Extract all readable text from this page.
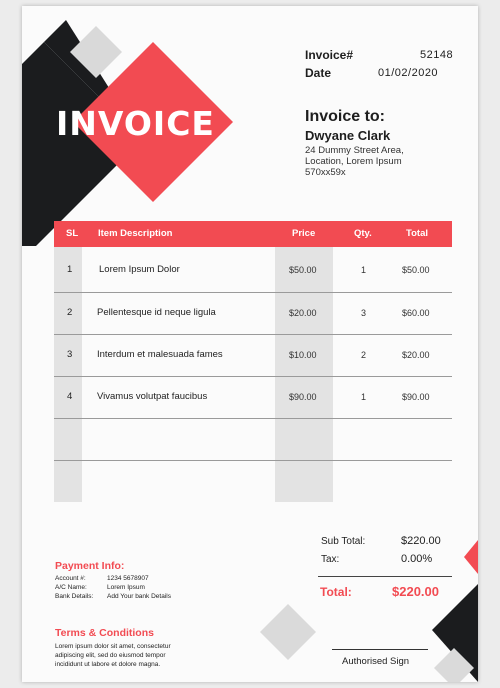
INVOICE
Invoice#	52148
Date	01/02/2020
Invoice to:
Dwyane Clark
24 Dummy Street Area,
Location, Lorem Ipsum
570xx59x
SL Item Description	Price	Qty.	Total
1	Lorem Ipsum Dolor	$50.00	1	$50.00
2	Pellentesque id neque ligula	$20.00	3	$60.00
3	Interdum et malesuada fames	$10.00	2	$20.00
4	Vivamus volutpat faucibus	$90.00	1	$90.00
Sub Total:	$220.00
Tax:	0.00%
Total:	$220.00
Payment Info:
Account #:	1234 5678907
A/C Name:	Lorem Ipsum
Bank Details: Add Your bank Details
Terms & Conditions
Lorem ipsum dolor sit amet, consectetur
adipiscing elit, sed do eiusmod tempor
incididunt ut labore et dolore magna.	Authorised Sign
